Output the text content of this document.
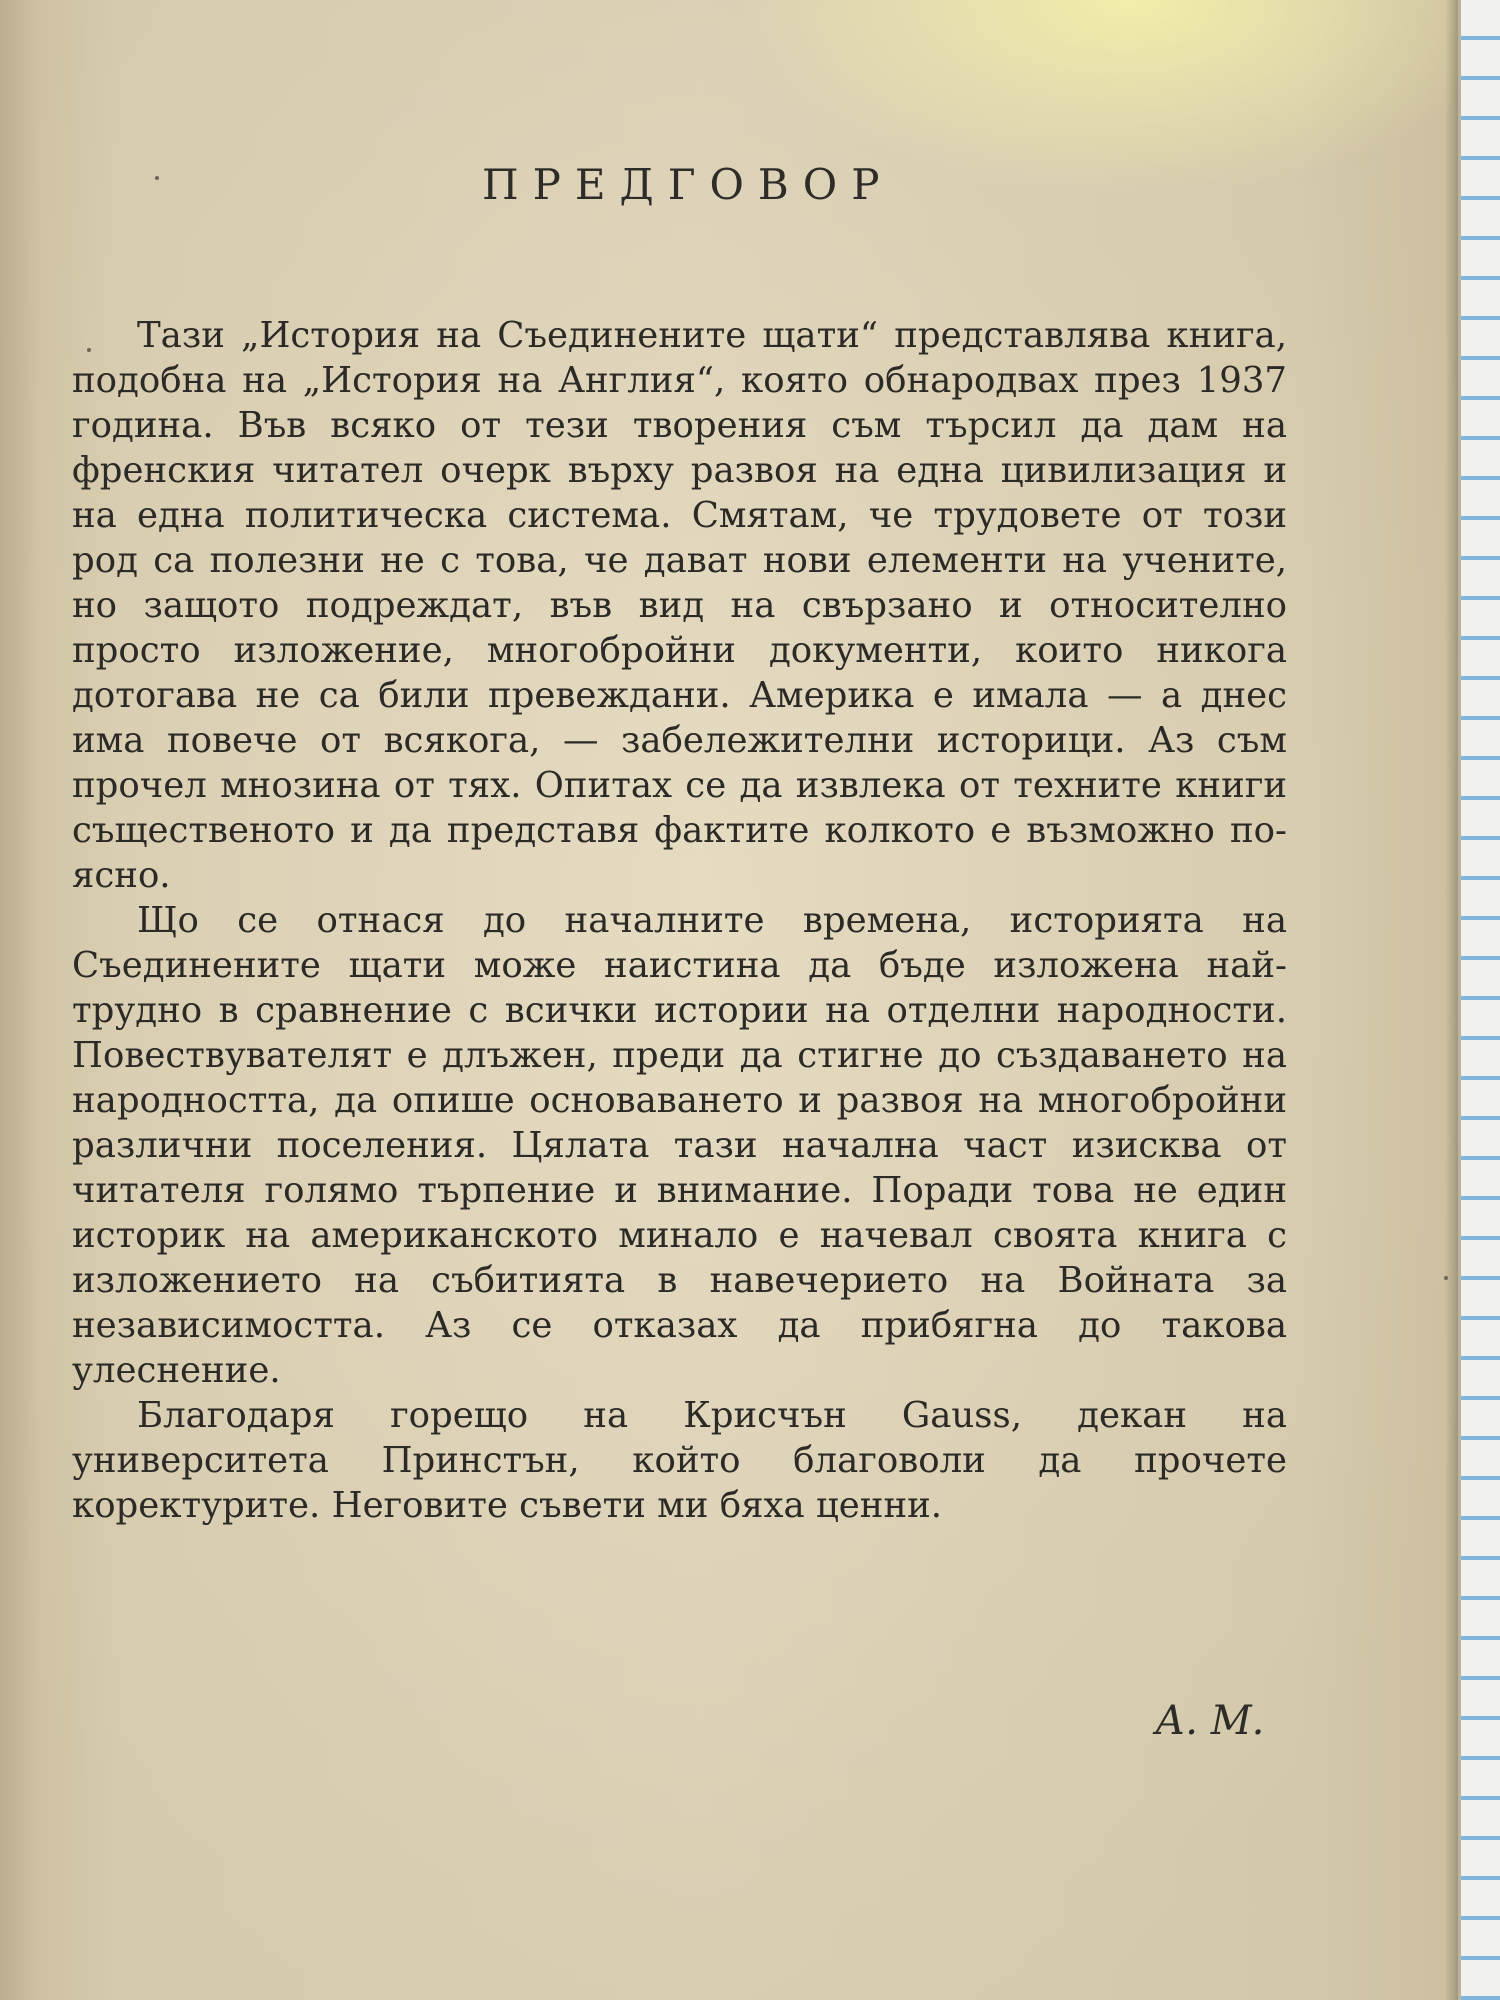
ПРЕДГОВОР

Тази „История на Съединените щати“ представлява книга, подобна на „История на Англия“, която обнародвах през 1937 година. Във всяко от тези творения съм търсил да дам на френския читател очерк върху развоя на една цивилизация и на една политическа система. Смятам, че трудовете от този род са полезни не с това, че дават нови елементи на учените, но защото подреждат, във вид на свързано и относително просто изложение, многобройни документи, които никога дотогава не са били превеждани. Америка е имала — а днес има повече от всякога, — забележителни историци. Аз съм прочел мнозина от тях. Опитах се да извлека от техните книги същественото и да представя фактите колкото е възможно по-ясно.

Що се отнася до началните времена, историята на Съединените щати може наистина да бъде изложена най-трудно в сравнение с всички истории на отделни народности. Повествувателят е длъжен, преди да стигне до създаването на народността, да опише основаването и развоя на многобройни различни поселения. Цялата тази начална част изисква от читателя голямо търпение и внимание. Поради това не един историк на американското минало е начевал своята книга с изложението на събитията в навечерието на Войната за независимостта. Аз се отказах да прибягна до такова улеснение.

Благодаря горещо на Крисчън Gauss, декан на университета Принстън, който благоволи да прочете коректурите. Неговите съвети ми бяха ценни.

А. М.
